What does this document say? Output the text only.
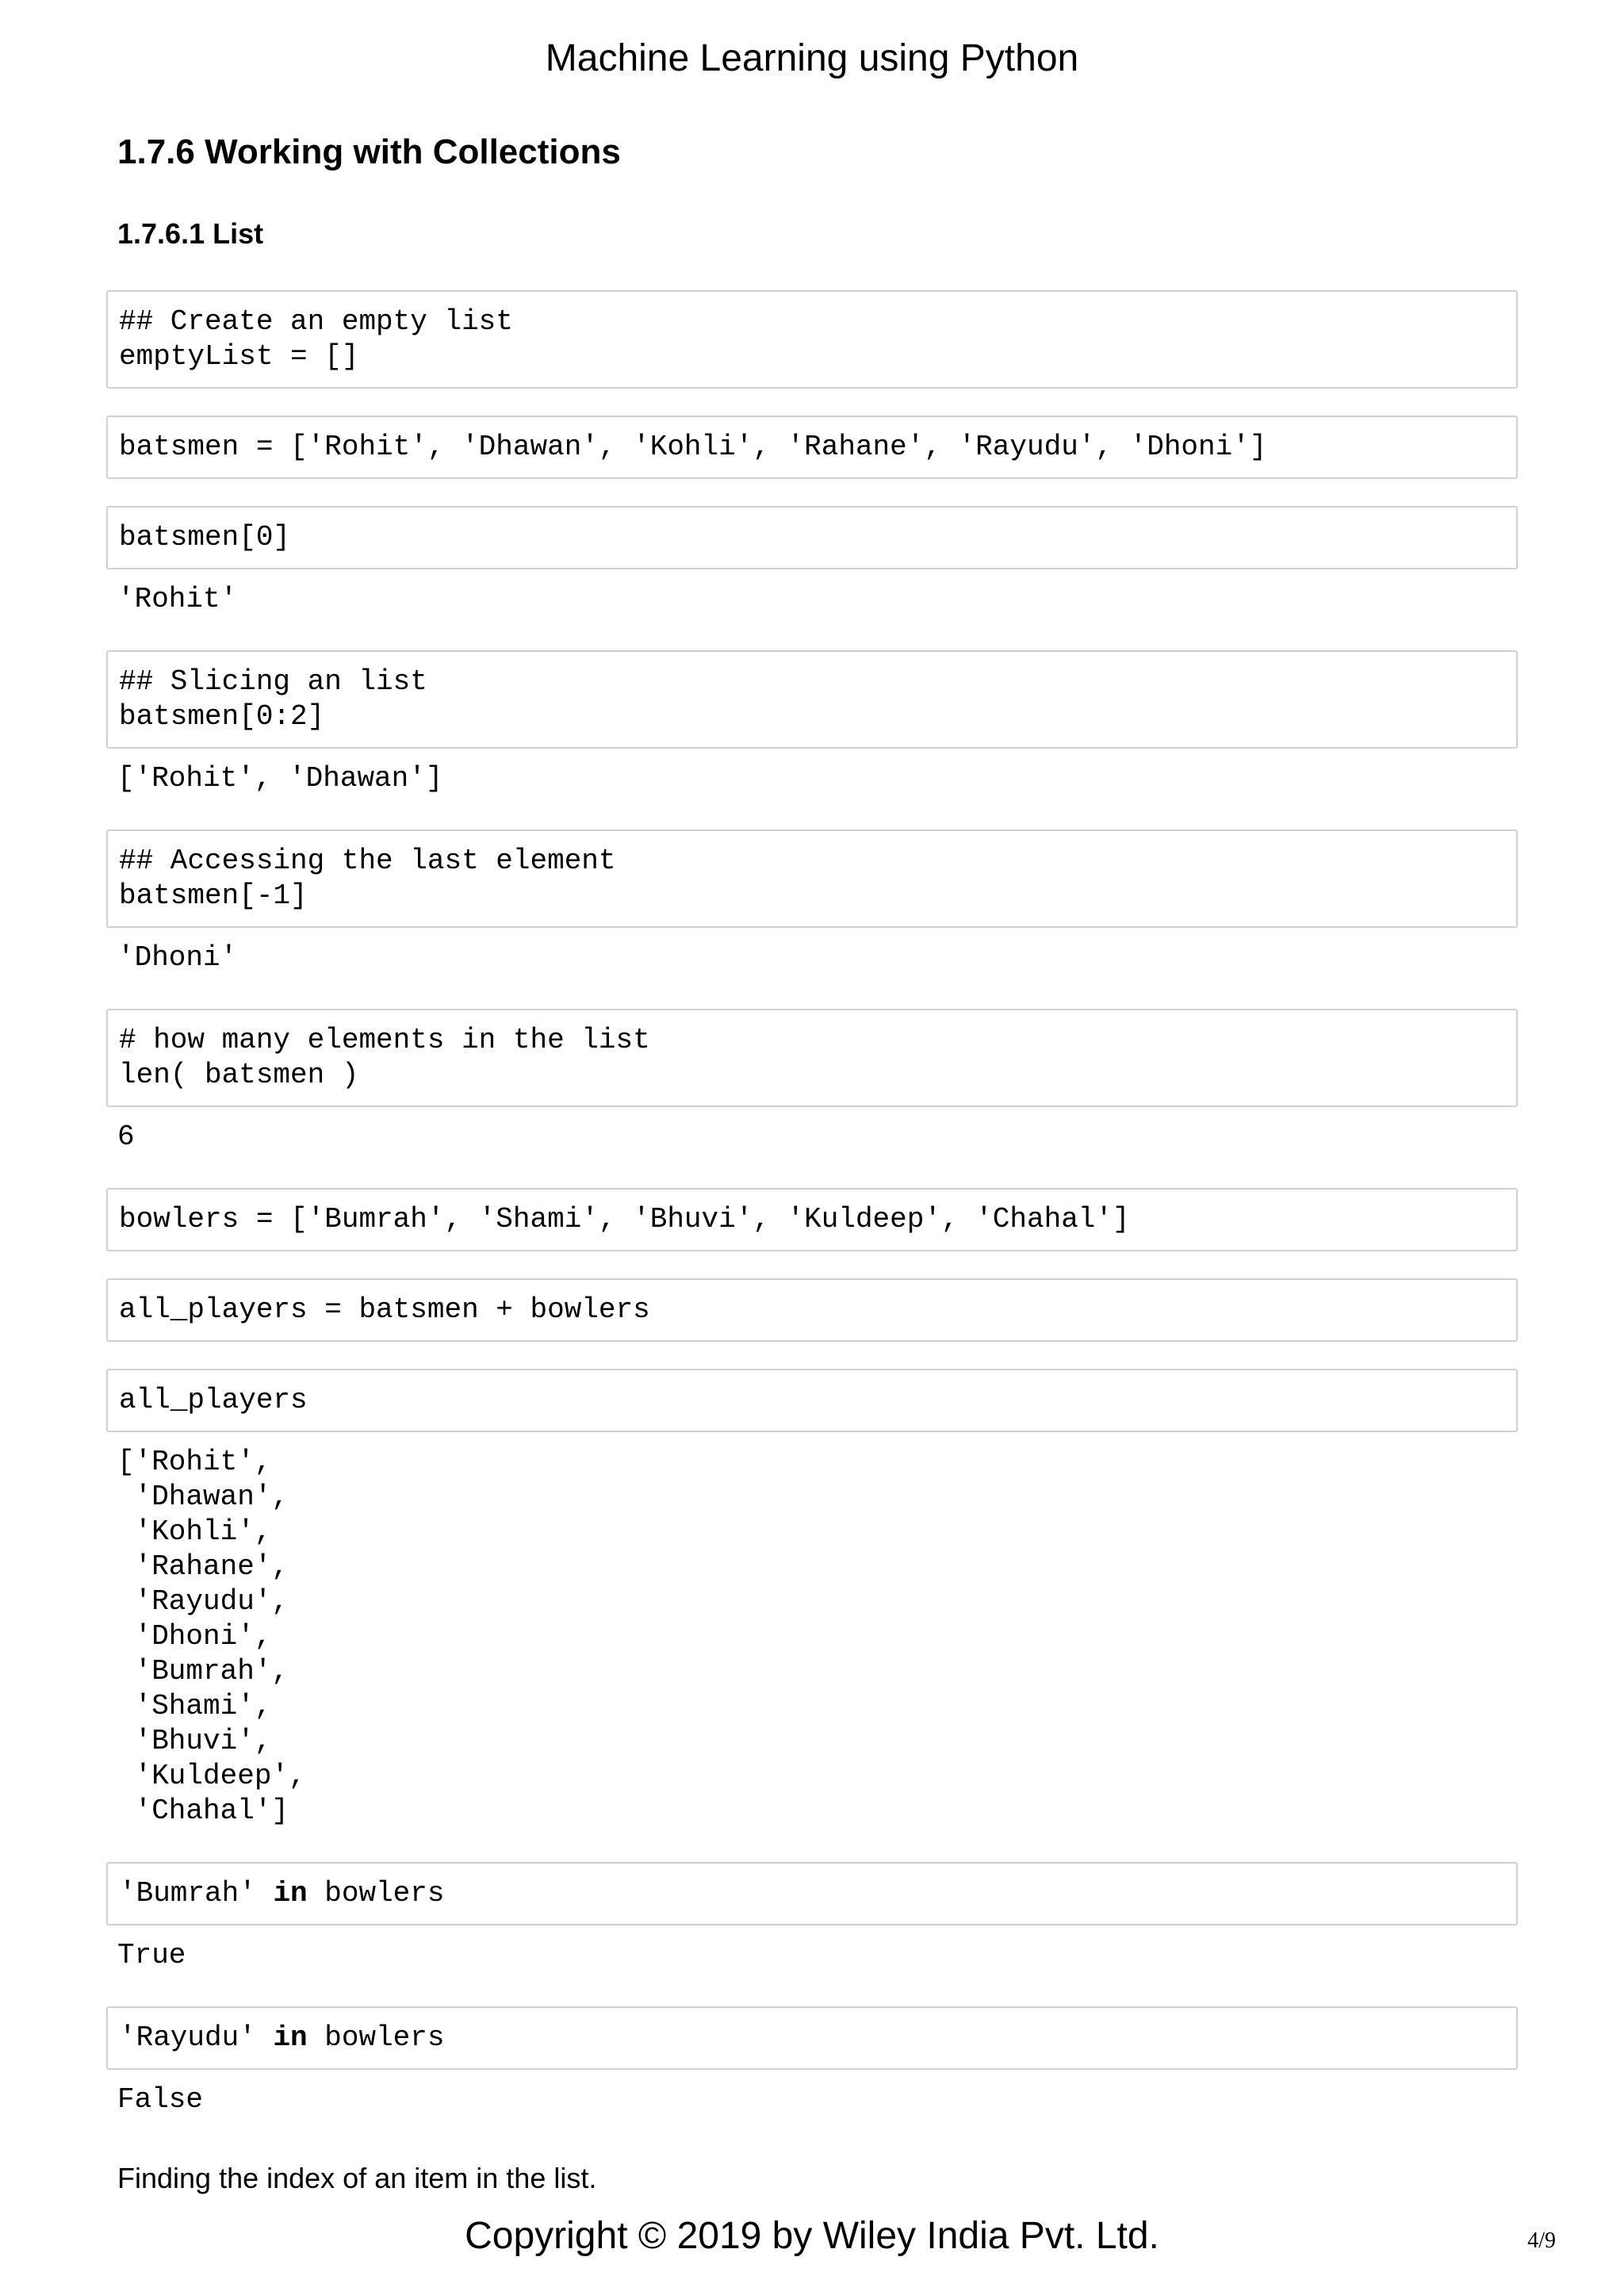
Machine Learning using Python
1.7.6 Working with Collections
1.7.6.1 List
## Create an empty list
emptyList = []
batsmen = ['Rohit', 'Dhawan', 'Kohli', 'Rahane', 'Rayudu', 'Dhoni']
batsmen[0]
'Rohit'
## Slicing an list
batsmen[0:2]
['Rohit', 'Dhawan']
## Accessing the last element
batsmen[-1]
'Dhoni'
# how many elements in the list
len( batsmen )
6
bowlers = ['Bumrah', 'Shami', 'Bhuvi', 'Kuldeep', 'Chahal']
all_players = batsmen + bowlers
all_players
['Rohit',
'Dhawan',
'Kohli',
'Rahane',
'Rayudu',
'Dhoni',
'Bumrah',
'Shami',
'Bhuvi',
'Kuldeep',
'Chahal']
'Bumrah' in bowlers
True
'Rayudu' in bowlers
False
Finding the index of an item in the list.
Copyright © 2019 by Wiley India Pvt. Ltd.	4/9
